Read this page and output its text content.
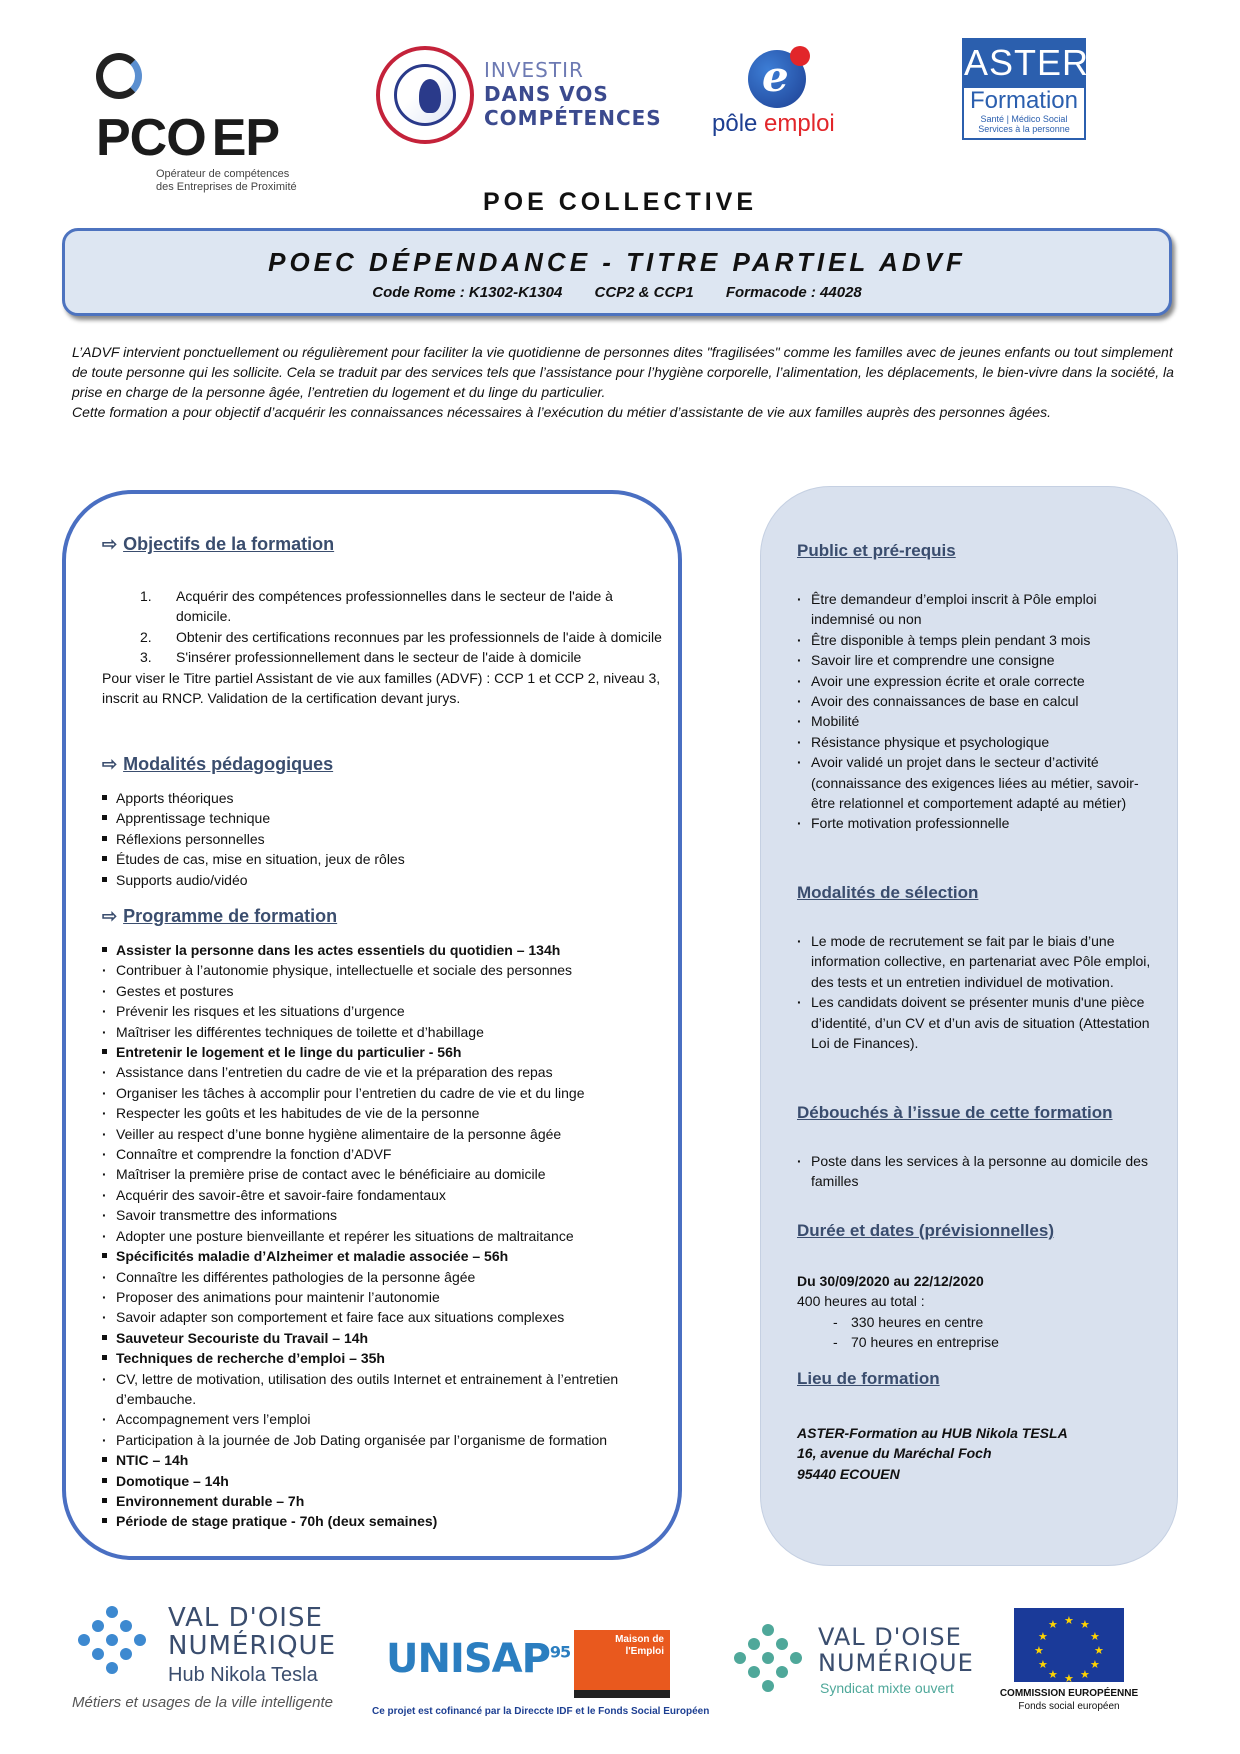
PCO EP
Opérateur de compétences
des Entreprises de Proximité
INVESTIR
DANS VOS
COMPÉTENCES
e
pôle emploi
ASTER
Formation
Santé | Médico Social
Services à la personne
POE COLLECTIVE
POEC DÉPENDANCE - TITRE PARTIEL ADVF
Code Rome : K1302-K1304 CCP2 & CCP1 Formacode : 44028
L’ADVF intervient ponctuellement ou régulièrement pour faciliter la vie quotidienne de personnes dites "fragilisées" comme les familles avec de jeunes enfants ou tout simplement de toute personne qui les sollicite. Cela se traduit par des services tels que l’assistance pour l’hygiène corporelle, l’alimentation, les déplacements, le bien-vivre dans la société, la prise en charge de la personne âgée, l’entretien du logement et du linge du particulier.
Cette formation a pour objectif d’acquérir les connaissances nécessaires à l’exécution du métier d’assistante de vie aux familles auprès des personnes âgées.
⇨ Objectifs de la formation
1. Acquérir des compétences professionnelles dans le secteur de l'aide à domicile.
2. Obtenir des certifications reconnues par les professionnels de l'aide à domicile
3. S'insérer professionnellement dans le secteur de l'aide à domicile
Pour viser le Titre partiel Assistant de vie aux familles (ADVF) : CCP 1 et CCP 2, niveau 3, inscrit au RNCP. Validation de la certification devant jurys.
⇨ Modalités pédagogiques
Apports théoriques
Apprentissage technique
Réflexions personnelles
Études de cas, mise en situation, jeux de rôles
Supports audio/vidéo
⇨ Programme de formation
Assister la personne dans les actes essentiels du quotidien – 134h
· Contribuer à l’autonomie physique, intellectuelle et sociale des personnes
· Gestes et postures
· Prévenir les risques et les situations d’urgence
· Maîtriser les différentes techniques de toilette et d’habillage
Entretenir le logement et le linge du particulier - 56h
· Assistance dans l’entretien du cadre de vie et la préparation des repas
· Organiser les tâches à accomplir pour l’entretien du cadre de vie et du linge
· Respecter les goûts et les habitudes de vie de la personne
· Veiller au respect d’une bonne hygiène alimentaire de la personne âgée
· Connaître et comprendre la fonction d’ADVF
· Maîtriser la première prise de contact avec le bénéficiaire au domicile
· Acquérir des savoir-être et savoir-faire fondamentaux
· Savoir transmettre des informations
· Adopter une posture bienveillante et repérer les situations de maltraitance
Spécificités maladie d’Alzheimer et maladie associée – 56h
· Connaître les différentes pathologies de la personne âgée
· Proposer des animations pour maintenir l’autonomie
· Savoir adapter son comportement et faire face aux situations complexes
Sauveteur Secouriste du Travail – 14h
Techniques de recherche d’emploi – 35h
· CV, lettre de motivation, utilisation des outils Internet et entrainement à l’entretien d’embauche.
· Accompagnement vers l’emploi
· Participation à la journée de Job Dating organisée par l’organisme de formation
NTIC – 14h
Domotique – 14h
Environnement durable – 7h
Période de stage pratique - 70h (deux semaines)
Public et pré-requis
· Être demandeur d’emploi inscrit à Pôle emploi indemnisé ou non
· Être disponible à temps plein pendant 3 mois
· Savoir lire et comprendre une consigne
· Avoir une expression écrite et orale correcte
· Avoir des connaissances de base en calcul
· Mobilité
· Résistance physique et psychologique
· Avoir validé un projet dans le secteur d’activité (connaissance des exigences liées au métier, savoir-être relationnel et comportement adapté au métier)
· Forte motivation professionnelle
Modalités de sélection
· Le mode de recrutement se fait par le biais d’une information collective, en partenariat avec Pôle emploi, des tests et un entretien individuel de motivation.
· Les candidats doivent se présenter munis d'une pièce d’identité, d’un CV et d’un avis de situation (Attestation Loi de Finances).
Débouchés à l’issue de cette formation
· Poste dans les services à la personne au domicile des familles
Durée et dates (prévisionnelles)
Du 30/09/2020 au 22/12/2020
400 heures au total :
- 330 heures en centre
- 70 heures en entreprise
Lieu de formation
ASTER-Formation au HUB Nikola TESLA
16, avenue du Maréchal Foch
95440 ECOUEN
VAL D'OISE
NUMÉRIQUE
Hub Nikola Tesla
Métiers et usages de la ville intelligente
UNISAP$^{95}$
Maison de l'Emploi
Ce projet est cofinancé par la Direccte IDF et le Fonds Social Européen
VAL D'OISE
NUMÉRIQUE
Syndicat mixte ouvert
★ ★
★
★
★
★
★
★
★
★
★
★
COMMISSION EUROPÉENNE
Fonds social européen
